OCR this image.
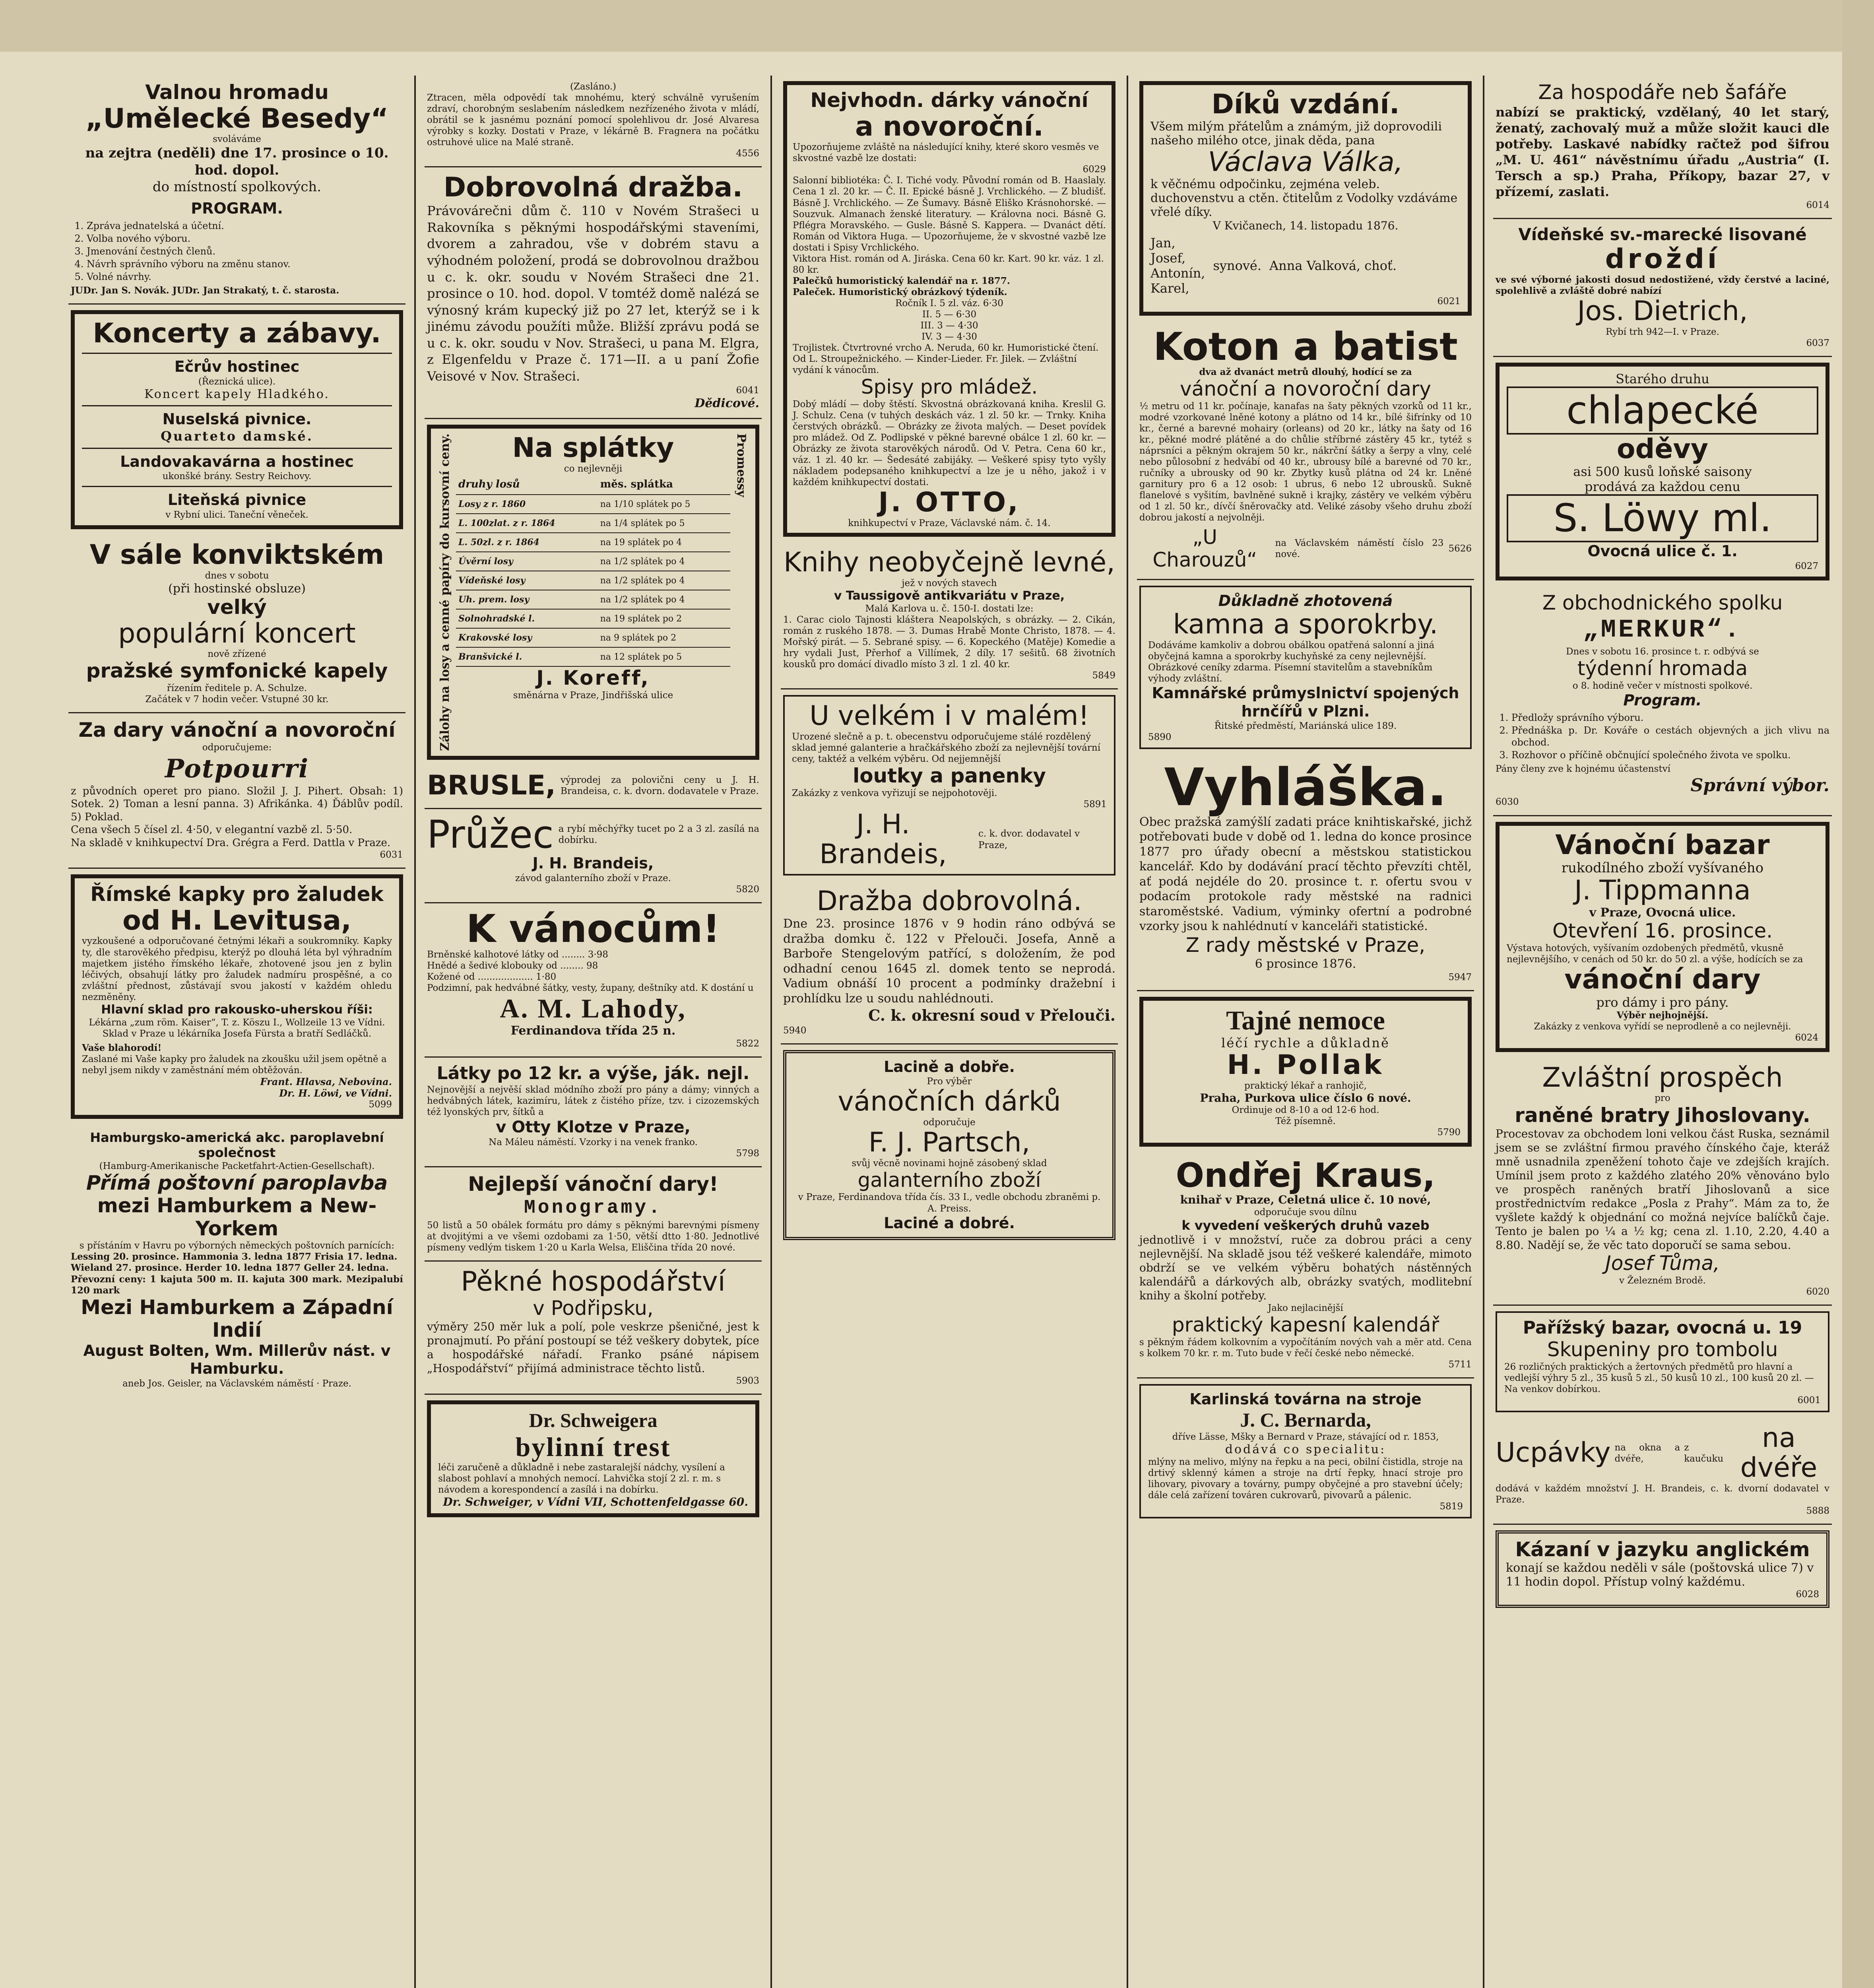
Valnou hromadu
„Umělecké Besedy“
svoláváme
na zejtra (neděli) dne 17. prosince o 10. hod. dopol.
do místností spolkových.
PROGRAM.
1. Zpráva jednatelská a účetní.
2. Volba nového výboru.
3. Jmenování čestných členů.
4. Návrh správního výboru na změnu stanov.
5. Volné návrhy.
JUDr. Jan S. Novák. JUDr. Jan Strakatý, t. č. starosta.
Koncerty a zábavy.
Ečrův hostinec
(Řeznická ulice).
Koncert kapely Hladkého.
Nuselská pivnice.
Quarteto damské.
Landovakavárna a hostinec
ukonšké brány. Sestry Reichovy.
Liteňská pivnice
v Rybní ulici. Taneční věneček.
V sále konviktském
dnes v sobotu
(při hostinské obsluze)
velký
populární koncert
nově zřízené
pražské symfonické kapely
řízením ředitele p. A. Schulze.
Začátek v 7 hodin večer. Vstupné 30 kr.
Za dary vánoční a novoroční
odporučujeme:
Potpourri
z původních operet pro piano. Složil J. J. Pihert. Obsah: 1) Sotek. 2) Toman a lesní panna. 3) Afrikánka. 4) Ďáblův podíl. 5) Poklad.
Cena všech 5 čísel zl. 4·50, v elegantní vazbě zl. 5·50.
Na skladě v knihkupectví Dra. Grégra a Ferd. Dattla v Praze.
6031
Římské kapky pro žaludek
od H. Levitusa,
vyzkoušené a odporučované četnými lékaři a soukromníky. Kapky ty, dle starověkého předpisu, kterýž po dlouhá léta byl výhradním majetkem jistého římského lékaře, zhotovené jsou jen z bylin léčivých, obsahují látky pro žaludek nadmíru prospěšné, a co zvláštní přednost, zůstávají svou jakostí v každém ohledu nezměněny.
Hlavní sklad pro rakousko-uherskou říši:
Lékárna „zum röm. Kaiser“, T. z. Köszu I., Wollzeile 13 ve Vídni.
Sklad v Praze u lékárníka Josefa Fürsta a bratří Sedláčků.
Vaše blahorodí!
Zaslané mi Vaše kapky pro žaludek na zkoušku užil jsem opětně a nebyl jsem nikdy v zaměstnání mém obtěžován.
Frant. Hlavsa, Nebovina.
Dr. H. Löwi, ve Vídni.
5099
Hamburgsko-americká akc. paroplavební společnost
(Hamburg-Amerikanische Packetfahrt-Actien-Gesellschaft).
Přímá poštovní paroplavba
mezi Hamburkem a New-Yorkem
s přístáním v Havru po výborných německých poštovních parnících:
Lessing 20. prosince. Hammonia 3. ledna 1877 Frisia 17. ledna.
Wieland 27. prosince. Herder 10. ledna 1877 Geller 24. ledna.
Převozní ceny: 1 kajuta 500 m. II. kajuta 300 mark. Mezipalubí 120 mark
Mezi Hamburkem a Západní Indií
August Bolten, Wm. Millerův nást. v Hamburku.
aneb Jos. Geisler, na Václavském náměstí · Praze.
(Zasláno.)
Ztracen, měla odpovědí tak mnohému, který schválně vyrušením zdraví, chorobným seslabením následkem nezřízeného života v mládí, obrátil se k jasnému poznání pomocí spolehlivou dr. José Alvaresa výrobky s kozky. Dostati v Praze, v lékárně B. Fragnera na počátku ostruhové ulice na Malé straně.
4556
Dobrovolná dražba.
Právovárečni dům č. 110 v Novém Strašeci u Rakovníka s pěknými hospodářskými staveními, dvorem a zahradou, vše v dobrém stavu a výhodném položení, prodá se dobrovolnou dražbou u c. k. okr. soudu v Novém Strašeci dne 21. prosince o 10. hod. dopol. V tomtéž domě nalézá se výnosný krám kupecký již po 27 let, kterýž se i k jinému závodu použíti může. Bližší zprávu podá se u c. k. okr. soudu v Nov. Strašeci, u pana M. Elgra, z Elgenfeldu v Praze č. 171—II. a u paní Žofie Veisové v Nov. Strašeci.
6041
Dědicové.
Zálohy na losy a cenné papíry do kursovní ceny.	Na splátky
co nejlevněji
druhy losů	měs. splátka
Losy z r. 1860	na 1/10 splátek po 5
L. 100zlat. z r. 1864	na 1/4 splátek po 5
L. 50zl. z r. 1864	na 19 splátek po 4
Úvěrní losy	na 1/2 splátek po 4
Vídeňské losy	na 1/2 splátek po 4
Uh. prem. losy	na 1/2 splátek po 4
Solnohradské l.	na 19 splátek po 2
Krakovské losy	na 9 splátek po 2
Branšvické l.	na 12 splátek po 5
J. Koreff,
směnárna v Praze, Jindřišská ulice
Promessy
BRUSLE, výprodej za polovični ceny u J. H. Brandeisa, c. k. dvorn. dodavatele v Praze.
Průžec a rybí měchýřky tucet po 2 a 3 zl. zasílá na dobírku.
J. H. Brandeis,
závod galanterního zboží v Praze.
5820
K vánocům!
Brněnské kalhotové látky od ........ 3·98
Hnědé a šedivé klobouky od ........ 98
Kožené od ................... 1·80
Podzimní, pak hedvábné šátky, vesty, župany, deštníky atd. K dostání u
A. M. Lahody,
Ferdinandova třída 25 n.
5822
Látky po 12 kr. a výše, ják. nejl.
Nejnovější a nejvěší sklad módního zboží pro pány a dámy; vinných a hedvábných látek, kazimíru, látek z čistého příze, tzv. i cizozemských též lyonských prv, šítků a
v Otty Klotze v Praze,
Na Máleu náměstí. Vzorky i na venek franko.
5798
Nejlepší vánoční dary!
Monogramy.
50 listů a 50 obálek formátu pro dámy s pěknými barevnými písmeny at dvojitými a ve všemi ozdobami za 1·50, větší dtto 1·80. Jednotlivé písmeny vedlým tiskem 1·20 u Karla Welsa, Eliščina třída 20 nové.
Pěkné hospodářství
v Podřipsku,
výměry 250 měr luk a polí, pole veskrze pšeničné, jest k pronajmutí. Po přání postoupí se též veškery dobytek, píce a hospodářské nářadí. Franko psáné nápisem „Hospodářství“ přijímá administrace těchto listů.
5903
Dr. Schweigera
bylinní trest
léči zaručeně a důkladně i nebe zastaralejší nádchy, vysílení a slabost pohlaví a mnohých nemocí. Lahvička stojí 2 zl. r. m. s návodem a korespondencí a zasílá i na dobírku.
Dr. Schweiger, v Vídni VII, Schottenfeldgasse 60.
Nejvhodn. dárky vánoční
a novoroční.
Upozorňujeme zvláště na následující knihy, které skoro vesměs ve skvostné vazbě lze dostati:
6029
Salonní bibliotéka: Č. I. Tiché vody. Původní román od B. Haaslaly. Cena 1 zl. 20 kr. — Č. II. Epické básně J. Vrchlického. — Z bludišť. Básně J. Vrchlického. — Ze Šumavy. Básně Eliško Krásnohorské. — Souzvuk. Almanach ženské literatury. — Královna noci. Básně G. Pflégra Moravského. — Gusle. Básně S. Kappera. — Dvanáct dětí. Román od Viktora Huga. — Upozorňujeme, že v skvostné vazbě lze dostati i Spisy Vrchlického.
Viktora Hist. román od A. Jiráska. Cena 60 kr. Kart. 90 kr. váz. 1 zl. 80 kr.
Palečků humoristický kalendář na r. 1877.
Paleček. Humoristický obrázkový týdeník.
Ročník I. 5 zl. váz. 6·30
II. 5 — 6·30
III. 3 — 4·30
IV. 3 — 4·30
Trojlistek. Čtvrtrovné vrcho A. Neruda, 60 kr. Humoristické čtení. Od L. Stroupežnického. — Kinder-Lieder. Fr. Jilek. — Zvláštní vydání k vánocům.
Spisy pro mládež.
Dobý mládí — doby štěstí. Skvostná obrázkovaná kniha. Kreslil G. J. Schulz. Cena (v tuhých deskách váz. 1 zl. 50 kr. — Trnky. Kniha čerstvých obrázků. — Obrázky ze života malých. — Deset povídek pro mládež. Od Z. Podlipské v pěkné barevné obálce 1 zl. 60 kr. — Obrázky ze života starověkých národů. Od V. Petra. Cena 60 kr., váz. 1 zl. 40 kr. — Šedesáté zabijáky. — Veškeré spisy tyto vyšly nákladem podepsaného knihkupectví a lze je u něho, jakož i v každém knihkupectví dostati.
J. OTTO,
knihkupectví v Praze, Václavské nám. č. 14.
Knihy neobyčejně levné,
jež v nových stavech
v Taussigově antikvariátu v Praze,
Malá Karlova u. č. 150-I. dostati lze:
1. Carac ciolo Tajnosti kláštera Neapolských, s obrázky. — 2. Cikán, román z ruského 1878. — 3. Dumas Hrabě Monte Christo, 1878. — 4. Mořský pirát. — 5. Sebrané spisy. — 6. Kopeckého (Matěje) Komedie a hry vydali Just, Přerhof a Villímek, 2 díly. 17 sešitů. 68 životních kousků pro domácí divadlo místo 3 zl. 1 zl. 40 kr.
5849
U velkém i v malém!
Urozené slečně a p. t. obecenstvu odporučujeme stálé rozdělený sklad jemné galanterie a hračkářského zboží za nejlevnější tovární ceny, taktéž a velkém výběru. Od nejjemnější
loutky a panenky
Zakázky z venkova vyřizují se nejpohotověji.
5891
J. H. Brandeis,
c. k. dvor. dodavatel v Praze,
Dražba dobrovolná.
Dne 23. prosince 1876 v 9 hodin ráno odbývá se dražba domku č. 122 v Přelouči. Josefa, Anně a Barboře Stengelovým patřící, s doložením, že pod odhadní cenou 1645 zl. domek tento se neprodá. Vadium obnáší 10 procent a podmínky dražební i prohlídku lze u soudu nahlédnouti.
C. k. okresní soud v Přelouči.
5940
Lacině a dobře.
Pro výběr
vánočních dárků
odporučuje
F. J. Partsch,
svůj věcně novinami hojně zásobený sklad
galanterního zboží
v Praze, Ferdinandova třída čís. 33 I., vedle obchodu zbraněmi p. A. Preiss.
Laciné a dobré.
Díků vzdání.
Všem milým přátelům a známým, již doprovodili našeho milého otce, jinak děda, pana
Václava Válka,
k věčnému odpočinku, zejména veleb. duchovenstvu a ctěn. čtitelům z Vodolky vzdáváme vřelé díky.
V Kvičanech, 14. listopadu 1876.
Jan,
Josef,
Antonín,
Karel,
synové. Anna Valková, choť.
6021
Koton a batist
dva až dvanáct metrů dlouhý, hodící se za
vánoční a novoroční dary
½ metru od 11 kr. počínaje, kanafas na šaty pěkných vzorků od 11 kr., modré vzorkované lněné kotony a plátno od 14 kr., bílé šifrínky od 10 kr., černé a barevné mohairy (orleans) od 20 kr., látky na šaty od 16 kr., pěkné modré plátěné a do chůlie stříbrné zástěry 45 kr., tytéž s náprsníci a pěkným okrajem 50 kr., nákrční šátky a šerpy a vlny, celé nebo půlosobní z hedvábí od 40 kr., ubrousy bílé a barevné od 70 kr., ručníky a ubrousky od 90 kr. Zbytky kusů plátna od 24 kr. Lněné garnitury pro 6 a 12 osob: 1 ubrus, 6 nebo 12 ubrousků. Sukně flanelové s vyšitím, bavlněné sukně i krajky, zástěry ve velkém výběru od 1 zl. 50 kr., dívčí šněrovačky atd. Veliké zásoby všeho druhu zboží dobrou jakostí a nejvolněji.
„U Charouzů“
na Václavském náměstí číslo 23 nové.
5626
Důkladně zhotovená
kamna a sporokrby.
Dodáváme kamkoliv a dobrou obálkou opatřená salonní a jiná obyčejná kamna a sporokrby kuchyňské za ceny nejlevnější. Obrázkové ceníky zdarma. Písemní stavitelům a stavebníkům výhody zvláštní.
Kamnářské průmyslnictví spojených hrnčířů v Plzni.
Řitské předměstí, Mariánská ulice 189.
5890
Vyhláška.
Obec pražská zamýšlí zadati práce knihtiskařské, jichž potřebovati bude v době od 1. ledna do konce prosince 1877 pro úřady obecní a městskou statistickou kancelář. Kdo by dodávání prací těchto převzíti chtěl, ať podá nejdéle do 20. prosince t. r. ofertu svou v podacím protokole rady městské na radnici staroměstské. Vadium, výminky ofertní a podrobné vzorky jsou k nahlédnutí v kanceláři statistické.
Z rady městské v Praze,
6 prosince 1876.
5947
Tajné nemoce
léčí rychle a důkladně
H. Pollak
praktický lékař a ranhojič,
Praha, Purkova ulice číslo 6 nové.
Ordinuje od 8-10 a od 12-6 hod.
Též písemně.
5790
Ondřej Kraus,
knihař v Praze, Celetná ulice č. 10 nové,
odporučuje svou dílnu
k vyvedení veškerých druhů vazeb
jednotlivě i v množství, ruče za dobrou práci a ceny nejlevnější. Na skladě jsou též veškeré kalendáře, mimoto obdrží se ve velkém výběru bohatých nástěnných kalendářů a dárkových alb, obrázky svatých, modlitební knihy a školní potřeby.
Jako nejlacinější
praktický kapesní kalendář
s pěkným řádem kolkovním a vypočítáním nových vah a měr atd. Cena s kolkem 70 kr. r. m. Tuto bude v řečí české nebo německé.
5711
Karlinská továrna na stroje
J. C. Bernarda,
dříve Lässe, Mšky a Bernard v Praze, stávající od r. 1853,
dodává co specialitu:
mlýny na melivo, mlýny na řepku a na peci, obilní čistidla, stroje na drtivý sklenný kámen a stroje na drtí řepky, hnací stroje pro lihovary, pivovary a továrny, pumpy obyčejné a pro stavební účely; dále celá zařízení továren cukrovarů, pivovarů a pálenic.
5819
Za hospodáře neb šafáře
nabízí se praktický, vzdělaný, 40 let starý, ženatý, zachovalý muž a může složit kauci dle potřeby. Laskavé nabídky račtež pod šifrou „M. U. 461“ návěstnímu úřadu „Austria“ (I. Tersch a sp.) Praha, Příkopy, bazar 27, v přízemí, zaslati.
6014
Vídeňské sv.-marecké lisované
droždí
ve své výborné jakosti dosud nedostižené, vždy čerstvé a laciné, spolehlivě a zvláště dobré nabízí
Jos. Dietrich,
Rybí trh 942—I. v Praze.
6037
Starého druhu
chlapecké
oděvy
asi 500 kusů loňské saisony
prodává za každou cenu
S. Löwy ml.
Ovocná ulice č. 1.
6027
Z obchodnického spolku
„MERKUR“.
Dnes v sobotu 16. prosince t. r. odbývá se
týdenní hromada
o 8. hodině večer v místnosti spolkové.
Program.
1. Předložy správního výboru.
2. Přednáška p. Dr. Kováře o cestách objevných a jich vlivu na obchod.
3. Rozhovor o příčině občnující společného života ve spolku.
Pány členy zve k hojnému účastenství
Správní výbor.
6030
Vánoční bazar
rukodílného zboží vyšívaného
J. Tippmanna
v Praze, Ovocná ulice.
Otevření 16. prosince.
Výstava hotových, vyšívaním ozdobených předmětů, vkusně nejlevnějšího, v cenách od 50 kr. do 50 zl. a výše, hodících se za
vánoční dary
pro dámy i pro pány.
Výběr nejhojnější.
Zakázky z venkova vyřídí se neprodleně a co nejlevněji.
6024
Zvláštní prospěch
pro
raněné bratry Jihoslovany.
Procestovav za obchodem loni velkou část Ruska, seznámil jsem se se zvláštní firmou pravého čínského čaje, kteráž mně usnadnila zpeněžení tohoto čaje ve zdejších krajích. Umínil jsem proto z každého zlatého 20% věnováno bylo ve prospěch raněných bratří Jihoslovanů a sice prostřednictvím redakce „Posla z Prahy“. Mám za to, že vyšlete každý k objednání co možná nejvíce balíčků čaje. Tento je balen po ¼ a ½ kg; cena zl. 1.10, 2.20, 4.40 a 8.80. Nadějí se, že věc tato doporučí se sama sebou.
Josef Tůma,
v Železném Brodě.
6020
Pařížský bazar, ovocná u. 19
Skupeniny pro tombolu
26 rozličných praktických a žertovných předmětů pro hlavní a vedlejší výhry 5 zl., 35 kusů 5 zl., 50 kusů 10 zl., 100 kusů 20 zl. — Na venkov dobírkou.
6001
Ucpávky na okna a dvéře,
z kaučuku
na dvéře
dodává v každém množství J. H. Brandeis, c. k. dvorní dodavatel v Praze.
5888
Kázaní v jazyku anglickém
konají se každou neděli v sále (poštovská ulice 7) v 11 hodin dopol. Přístup volný každému.
6028
